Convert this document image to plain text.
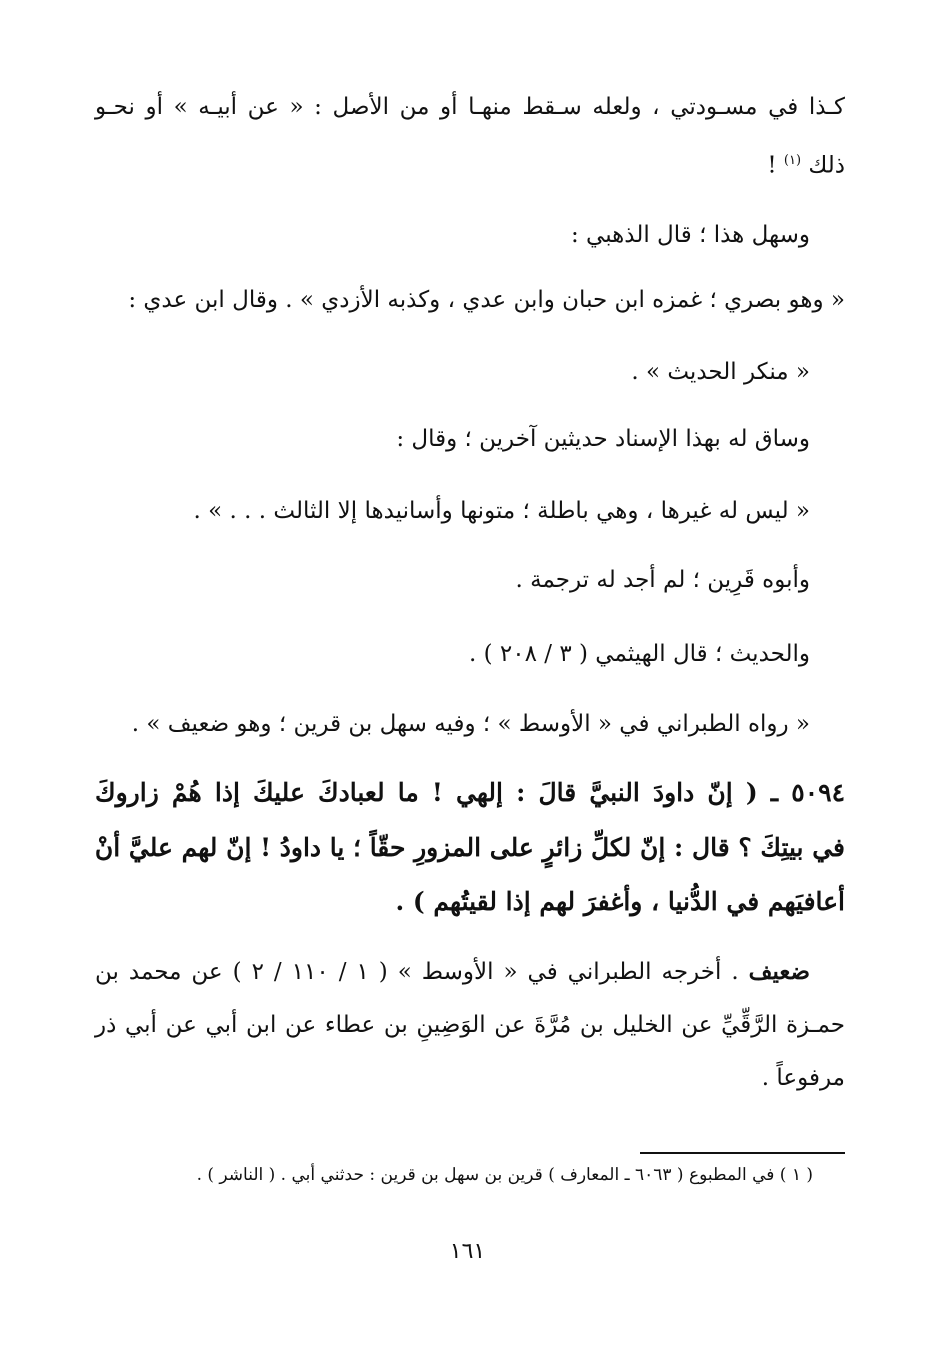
كـذا في مسـودتي ، ولعله سـقط منهـا أو من الأصل : « عن أبيـه » أو نحـو
ذلك $^{(١)}$ !
وسهل هذا ؛ قال الذهبي :
« وهو بصري ؛ غمزه ابن حبان وابن عدي ، وكذبه الأزدي » . وقال ابن عدي :
« منكر الحديث » .
وساق له بهذا الإسناد حديثين آخرين ؛ وقال :
« ليس له غيرها ، وهي باطلة ؛ متونها وأسانيدها إلا الثالث . . . » .
وأبوه قَرِين ؛ لم أجد له ترجمة .
والحديث ؛ قال الهيثمي ( ٣ / ٢٠٨ ) .
« رواه الطبراني في « الأوسط » ؛ وفيه سهل بن قرين ؛ وهو ضعيف » .
٥٠٩٤ ـ ( إنّ داودَ النبيَّ قالَ : إلهي ! ما لعبادكَ عليكَ إذا هُمْ زاروكَ
في بيتِكَ ؟ قال : إنّ لكلِّ زائرٍ على المزورِ حقّاً ؛ يا داودُ ! إنّ لهم عليَّ أنْ
أعافيَهم في الدُّنيا ، وأغفرَ لهم إذا لقيتُهم ) .
ضعيف . أخرجه الطبراني في « الأوسط » ( ١ / ١١٠ / ٢ ) عن محمد بن
حمـزة الرَّقِّيِّ عن الخليل بن مُرَّةَ عن الوَضِينِ بن عطاء عن ابن أبي عن أبي ذر
مرفوعاً .
( ١ ) في المطبوع ( ٦٠٦٣ ـ المعارف ) قرين بن سهل بن قرين : حدثني أبي . ( الناشر ) .
١٦١
